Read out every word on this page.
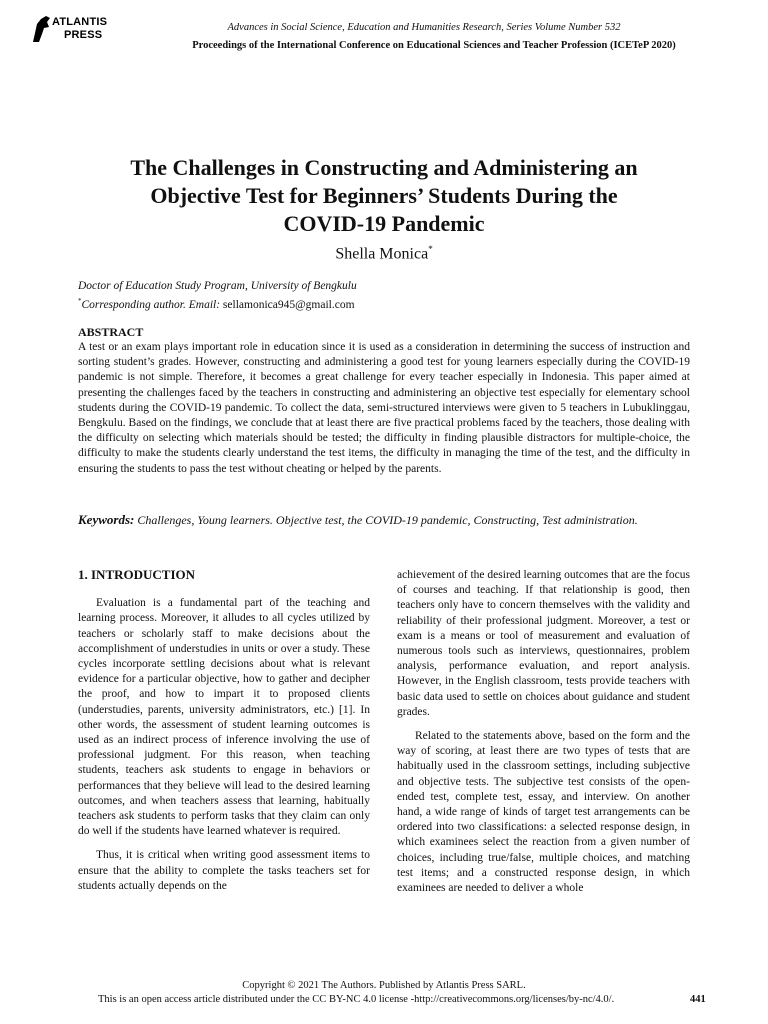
ATLANTIS
PRESS
Advances in Social Science, Education and Humanities Research, Series Volume Number 532
Proceedings of the International Conference on Educational Sciences and Teacher Profession (ICETeP 2020)
The Challenges in Constructing and Administering an
Objective Test for Beginners’ Students During the
COVID-19 Pandemic
Shella Monica*
Doctor of Education Study Program, University of Bengkulu
*Corresponding author. Email: sellamonica945@gmail.com
ABSTRACT

A test or an exam plays important role in education since it is used as a consideration in determining the success of instruction and sorting student’s grades. However, constructing and administering a good test for young learners especially during the COVID-19 pandemic is not simple. Therefore, it becomes a great challenge for every teacher especially in Indonesia. This paper aimed at presenting the challenges faced by the teachers in constructing and administering an objective test especially for elementary school students during the COVID-19 pandemic. To collect the data, semi-structured interviews were given to 5 teachers in Lubuklinggau, Bengkulu. Based on the findings, we conclude that at least there are five practical problems faced by the teachers, those dealing with the difficulty on selecting which materials should be tested; the difficulty in finding plausible distractors for multiple-choice, the difficulty to make the students clearly understand the test items, the difficulty in managing the time of the test, and the difficulty in ensuring the students to pass the test without cheating or helped by the parents.

Keywords: Challenges, Young learners. Objective test, the COVID-19 pandemic, Constructing, Test administration.

1. INTRODUCTION

Evaluation is a fundamental part of the teaching and learning process. Moreover, it alludes to all cycles utilized by teachers or scholarly staff to make decisions about the accomplishment of understudies in units or over a study. These cycles incorporate settling decisions about what is relevant evidence for a particular objective, how to gather and decipher the proof, and how to impart it to proposed clients (understudies, parents, university administrators, etc.) [1]. In other words, the assessment of student learning outcomes is used as an indirect process of inference involving the use of professional judgment. For this reason, when teaching students, teachers ask students to engage in behaviors or performances that they believe will lead to the desired learning outcomes, and when teachers assess that learning, habitually teachers ask students to perform tasks that they claim can only do well if the students have learned whatever is required.

Thus, it is critical when writing good assessment items to ensure that the ability to complete the tasks teachers set for students actually depends on the

achievement of the desired learning outcomes that are the focus of courses and teaching. If that relationship is good, then teachers only have to concern themselves with the validity and reliability of their professional judgment. Moreover, a test or exam is a means or tool of measurement and evaluation of numerous tools such as interviews, questionnaires, problem analysis, performance evaluation, and report analysis. However, in the English classroom, tests provide teachers with basic data used to settle on choices about guidance and student grades.

Related to the statements above, based on the form and the way of scoring, at least there are two types of tests that are habitually used in the classroom settings, including subjective and objective tests. The subjective test consists of the open-ended test, complete test, essay, and interview. On another hand, a wide range of kinds of target test arrangements can be ordered into two classifications: a selected response design, in which examinees select the reaction from a given number of choices, including true/false, multiple choices, and matching test items; and a constructed response design, in which examinees are needed to deliver a whole

Copyright © 2021 The Authors. Published by Atlantis Press SARL.
This is an open access article distributed under the CC BY-NC 4.0 license -http://creativecommons.org/licenses/by-nc/4.0/.	441
